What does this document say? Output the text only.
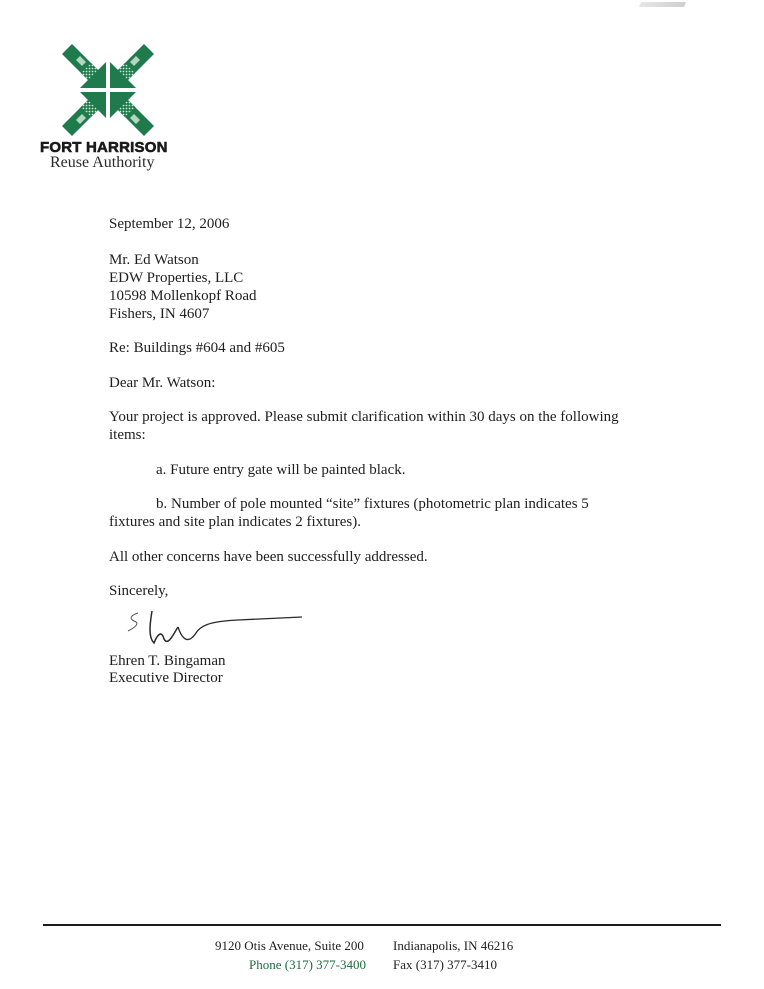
FORT HARRISON
Reuse Authority
September 12, 2006
Mr. Ed Watson
EDW Properties, LLC
10598 Mollenkopf Road
Fishers, IN 4607
Re: Buildings #604 and #605
Dear Mr. Watson:
Your project is approved. Please submit clarification within 30 days on the following items:
a. Future entry gate will be painted black.
b. Number of pole mounted “site” fixtures (photometric plan indicates 5 fixtures and site plan indicates 2 fixtures).
All other concerns have been successfully addressed.
Sincerely,
Ehren T. Bingaman
Executive Director
9120 Otis Avenue, Suite 200 Indianapolis, IN 46216
Phone (317) 377-3400 Fax (317) 377-3410
